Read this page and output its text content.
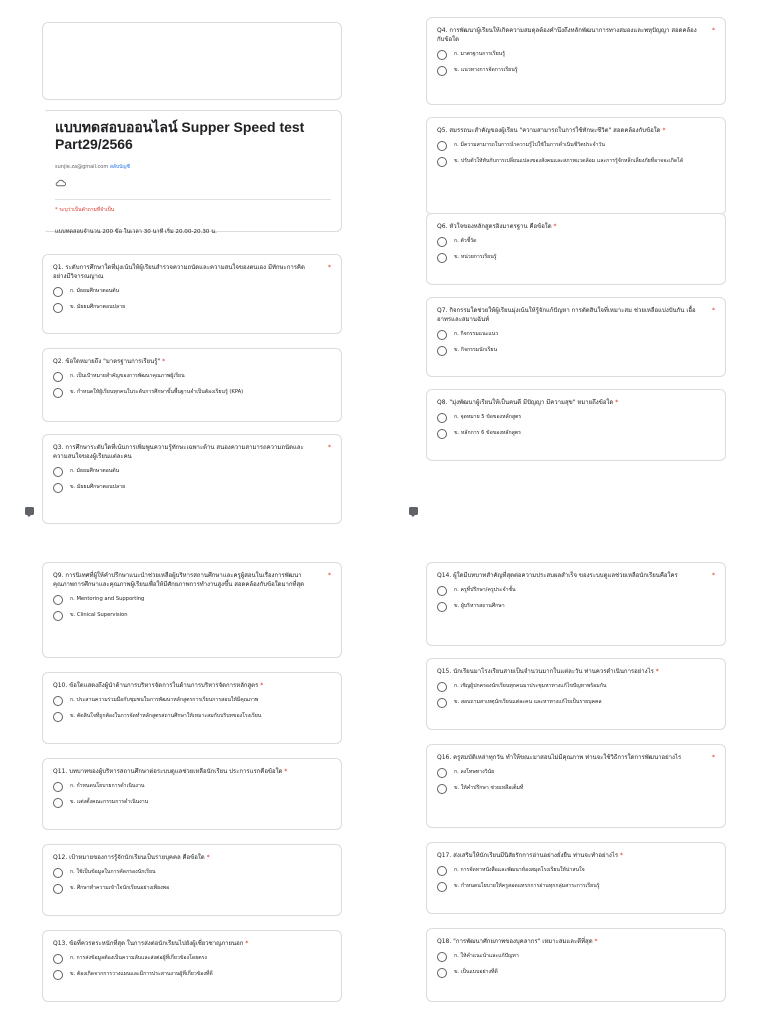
แบบทดสอบออนไลน์ Supper Speed test Part29/2566
sunjie.za@gmail.com สลับบัญชี
* ระบุว่าเป็นคำถามที่จำเป็น
แบบทดสอบจำนวน 200 ข้อ ในเวลา 30 นาที เริ่ม 20.00-20.30 น.
Q1. ระดับการศึกษาใดที่มุ่งเน้นให้ผู้เรียนสำรวจความถนัดและความสนใจของตนเอง มีทักษะการคิดอย่างมีวิจารณญาณ
*
ก. มัธยมศึกษาตอนต้น
ข. มัธยมศึกษาตอนปลาย
Q2. ข้อใดหมายถึง "มาตรฐานการเรียนรู้" *
ก. เป็นเป้าหมายสำคัญของการพัฒนาคุณภาพผู้เรียน
ข. กำหนดให้ผู้เรียนทุกคนในระดับการศึกษาขั้นพื้นฐานจำเป็นต้องเรียนรู้ (KPA)
Q3. การศึกษาระดับใดที่เน้นการเพิ่มพูนความรู้ทักษะเฉพาะด้าน สนองความสามารถความถนัดและความสนใจของผู้เรียนแต่ละคน
*
ก. มัธยมศึกษาตอนต้น
ข. มัธยมศึกษาตอนปลาย
Q4. การพัฒนาผู้เรียนให้เกิดความสมดุลต้องคำนึงถึงหลักพัฒนาการทางสมองและพหุปัญญา สอดคล้องกับข้อใด
*
ก. มาตรฐานการเรียนรู้
ข. แนวทางการจัดการเรียนรู้
Q5. สมรรถนะสำคัญของผู้เรียน "ความสามารถในการใช้ทักษะชีวิต" สอดคล้องกับข้อใด *
ก. มีความสามารถในการนำความรู้ไปใช้ในการดำเนินชีวิตประจำวัน
ข. ปรับตัวให้ทันกับการเปลี่ยนแปลงของสังคมและสภาพแวดล้อม และการรู้จักหลีกเลี่ยงภัยที่อาจจะเกิดได้
Q6. หัวใจของหลักสูตรอิงมาตรฐาน คือข้อใด *
ก. ตัวชี้วัด
ข. หน่วยการเรียนรู้
Q7. กิจกรรมใดช่วยให้ผู้เรียนมุ่งเน้นให้รู้จักแก้ปัญหา การตัดสินใจที่เหมาะสม ช่วยเหลือแบ่งปันกัน เอื้ออาทรและสมานฉันท์
*
ก. กิจกรรมแนะแนว
ข. กิจกรรมนักเรียน
Q8. "มุ่งพัฒนาผู้เรียนให้เป็นคนดี มีปัญญา มีความสุข" หมายถึงข้อใด *
ก. จุดหมาย 5 ข้อของหลักสูตร
ข. หลักการ 6 ข้อของหลักสูตร
Q9. การนิเทศที่ผู้ให้คำปรึกษาแนะนำช่วยเหลือผู้บริหารสถานศึกษาและครูผู้สอนในเรื่องการพัฒนาคุณภาพการศึกษาและคุณภาพผู้เรียนเพื่อให้มีศักยภาพการทำงานสูงขึ้น สอดคล้องกับข้อใดมากที่สุด
*
ก. Mentoring and Supporting
ข. Clinical Supervision
Q10. ข้อใดแสดงถึงผู้นำด้านการบริหารจัดการในด้านการบริหารจัดการหลักสูตร *
ก. ประสานความร่วมมือกับชุมชนในการพัฒนาหลักสูตรการเรียนการสอนให้มีคุณภาพ
ข. ตัดสินใจที่ถูกต้องในการจัดทำหลักสูตรสถานศึกษาให้เหมาะสมกับบริบทของโรงเรียน
Q11. บทบาทของผู้บริหารสถานศึกษาต่อระบบดูแลช่วยเหลือนักเรียน ประการแรกคือข้อใด *
ก. กำหนดนโยบายการดำเนินงาน
ข. แต่งตั้งคณะกรรมการดำเนินงาน
Q12. เป้าหมายของการรู้จักนักเรียนเป็นรายบุคคล คือข้อใด *
ก. ใช้เป็นข้อมูลในการคัดกรองนักเรียน
ข. ศึกษาทำความเข้าใจนักเรียนอย่างเพียงพอ
Q13. ข้อที่ควรตระหนักที่สุด ในการส่งต่อนักเรียนไปยังผู้เชี่ยวชาญภายนอก *
ก. การส่งข้อมูลต้องเป็นความลับและส่งต่อผู้ที่เกี่ยวข้องโดยตรง
ข. ต้องเกิดจากการวางแผนและมีการประสานงานผู้ที่เกี่ยวข้องที่ดี
Q14. ผู้ใดมีบทบาทสำคัญที่สุดต่อความประสบผลสำเร็จ ของระบบดูแลช่วยเหลือนักเรียนคือใคร	*
ก. ครูที่ปรึกษา/ครูประจำชั้น
ข. ผู้บริหารสถานศึกษา
Q15. นักเรียนมาโรงเรียนสายเป็นจำนวนมากในแต่ละวัน ท่านควรดำเนินการอย่างไร *
ก. เชิญผู้ปกครองนักเรียนทุกคนมาประชุมหาทางแก้ไขปัญหาพร้อมกัน
ข. สอบถามสาเหตุนักเรียนแต่ละคน และหาทางแก้ไขเป็นรายบุคคล
Q16. ครูสมบัติเหล่าทุกวัน ทำให้ขณะมาสอนไม่มีคุณภาพ ท่านจะใช้วิธีการใดการพัฒนาอย่างไร	*
ก. ลงโทษทางวินัย
ข. ให้คำปรึกษา ช่วยเหลือเต็มที่
Q17. ส่งเสริมให้นักเรียนมีนิสัยรักการอ่านอย่างยั่งยืน ท่านจะทำอย่างไร *
ก. การจัดหาหนังสือและพัฒนาห้องสมุดโรงเรียนให้น่าสนใจ
ข. กำหนดนโยบายให้ครูสอดแทรกการอ่านทุกกลุ่มสาระการเรียนรู้
Q18. "การพัฒนาศักยภาพของบุคลากร" เหมาะสมและดีที่สุด *
ก. ให้คำแนะนำและแก้ปัญหา
ข. เป็นแบบอย่างที่ดี
